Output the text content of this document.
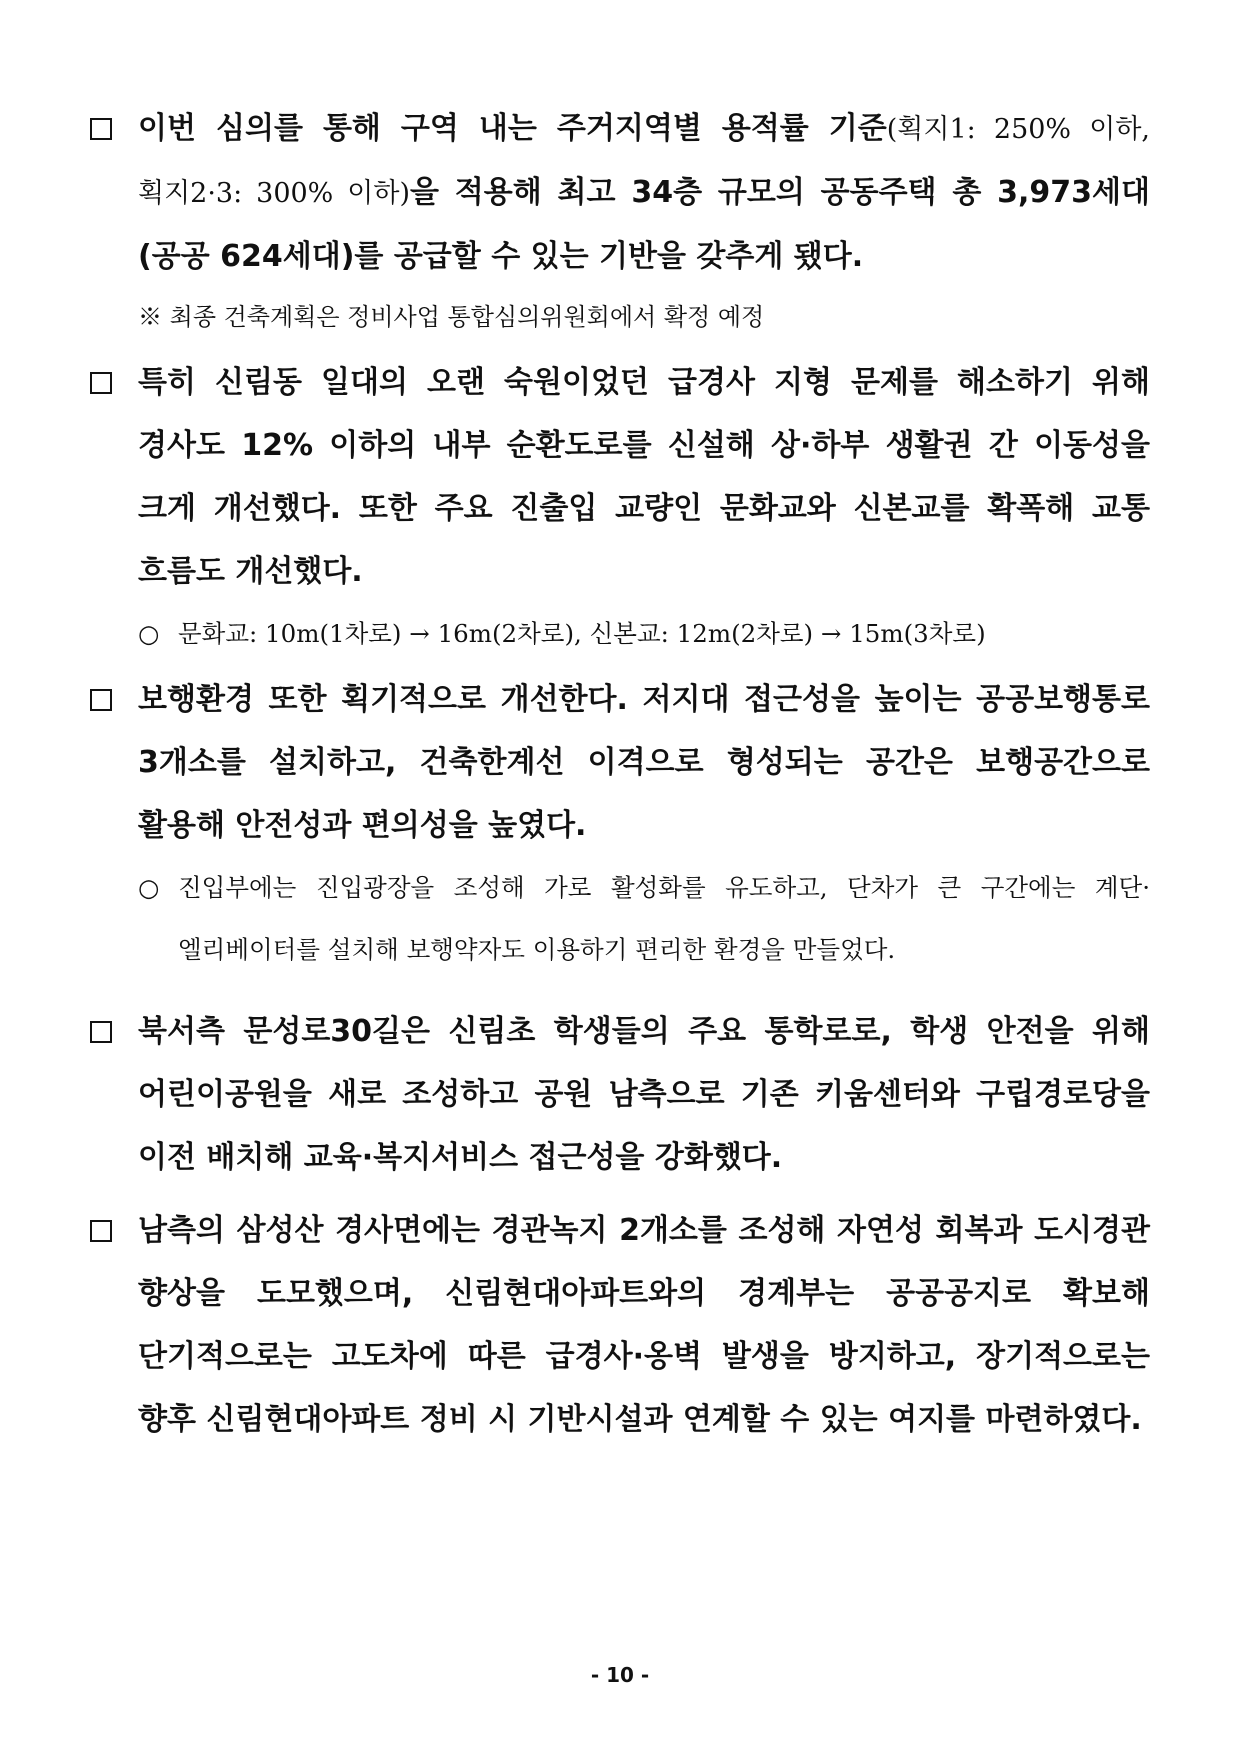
이번 심의를 통해 구역 내는 주거지역별 용적률 기준(획지1: 250% 이하, 획지2·3: 300% 이하)을 적용해 최고 34층 규모의 공동주택 총 3,973세대(공공 624세대)를 공급할 수 있는 기반을 갖추게 됐다.
※ 최종 건축계획은 정비사업 통합심의위원회에서 확정 예정
특히 신림동 일대의 오랜 숙원이었던 급경사 지형 문제를 해소하기 위해 경사도 12% 이하의 내부 순환도로를 신설해 상·하부 생활권 간 이동성을 크게 개선했다. 또한 주요 진출입 교량인 문화교와 신본교를 확폭해 교통 흐름도 개선했다.
○ 문화교: 10m(1차로) → 16m(2차로), 신본교: 12m(2차로) → 15m(3차로)
보행환경 또한 획기적으로 개선한다. 저지대 접근성을 높이는 공공보행통로 3개소를 설치하고, 건축한계선 이격으로 형성되는 공간은 보행공간으로 활용해 안전성과 편의성을 높였다.
○ 진입부에는 진입광장을 조성해 가로 활성화를 유도하고, 단차가 큰 구간에는 계단·엘리베이터를 설치해 보행약자도 이용하기 편리한 환경을 만들었다.
북서측 문성로30길은 신림초 학생들의 주요 통학로로, 학생 안전을 위해 어린이공원을 새로 조성하고 공원 남측으로 기존 키움센터와 구립경로당을 이전 배치해 교육·복지서비스 접근성을 강화했다.
남측의 삼성산 경사면에는 경관녹지 2개소를 조성해 자연성 회복과 도시경관 향상을 도모했으며, 신림현대아파트와의 경계부는 공공공지로 확보해 단기적으로는 고도차에 따른 급경사·옹벽 발생을 방지하고, 장기적으로는 향후 신림현대아파트 정비 시 기반시설과 연계할 수 있는 여지를 마련하였다.
- 10 -
